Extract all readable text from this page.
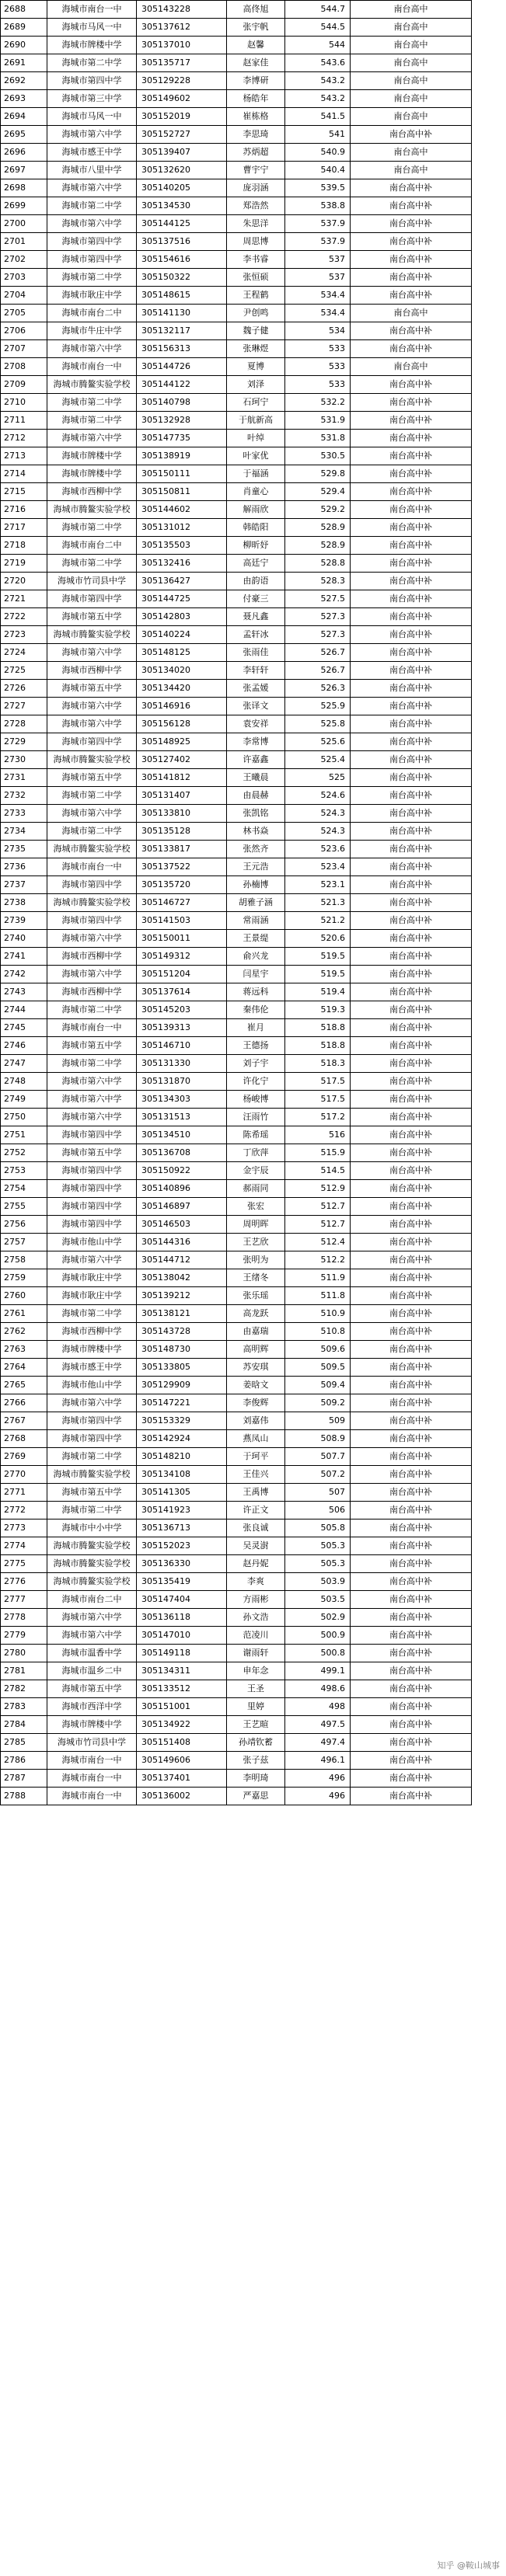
2688	海城市南台一中	305143228	高佟旭	544.7	南台高中
2689	海城市马风一中	305137612	张宇帆	544.5	南台高中
2690	海城市牌楼中学	305137010	赵馨	544	南台高中
2691	海城市第二中学	305135717	赵家佳	543.6	南台高中
2692	海城市第四中学	305129228	李博研	543.2	南台高中
2693	海城市第三中学	305149602	杨皓年	543.2	南台高中
2694	海城市马风一中	305152019	崔栋格	541.5	南台高中
2695	海城市第六中学	305152727	李思琦	541	南台高中补
2696	海城市感王中学	305139407	苏炳超	540.9	南台高中
2697	海城市八里中学	305132620	曹宇宁	540.4	南台高中
2698	海城市第六中学	305140205	庞羽涵	539.5	南台高中补
2699	海城市第二中学	305134530	郑浩然	538.8	南台高中补
2700	海城市第六中学	305144125	朱思洋	537.9	南台高中补
2701	海城市第四中学	305137516	周思博	537.9	南台高中补
2702	海城市第四中学	305154616	李书睿	537	南台高中补
2703	海城市第二中学	305150322	张恒硕	537	南台高中补
2704	海城市耿庄中学	305148615	王程鹤	534.4	南台高中补
2705	海城市南台二中	305141130	尹创鸣	534.4	南台高中
2706	海城市牛庄中学	305132117	魏子健	534	南台高中补
2707	海城市第六中学	305156313	张琳煜	533	南台高中补
2708	海城市南台一中	305144726	夏博	533	南台高中
2709	海城市腾鳌实验学校	305144122	刘泽	533	南台高中补
2710	海城市第二中学	305140798	石珂宁	532.2	南台高中补
2711	海城市第二中学	305132928	于航新高	531.9	南台高中补
2712	海城市第六中学	305147735	叶绰	531.8	南台高中补
2713	海城市牌楼中学	305138919	叶家优	530.5	南台高中补
2714	海城市牌楼中学	305150111	于福涵	529.8	南台高中补
2715	海城市西柳中学	305150811	肖童心	529.4	南台高中补
2716	海城市腾鳌实验学校	305144602	解雨欣	529.2	南台高中补
2717	海城市第二中学	305131012	韩皓阳	528.9	南台高中补
2718	海城市南台二中	305135503	柳昕妤	528.9	南台高中补
2719	海城市第二中学	305132416	高廷宁	528.8	南台高中补
2720	海城市竹司县中学	305136427	由韵语	528.3	南台高中补
2721	海城市第四中学	305144725	付豪三	527.5	南台高中补
2722	海城市第五中学	305142803	聂凡鑫	527.3	南台高中补
2723	海城市腾鳌实验学校	305140224	孟轩冰	527.3	南台高中补
2724	海城市第六中学	305148125	张雨佳	526.7	南台高中补
2725	海城市西柳中学	305134020	李轩轩	526.7	南台高中补
2726	海城市第五中学	305134420	张孟媛	526.3	南台高中补
2727	海城市第六中学	305146916	张译文	525.9	南台高中补
2728	海城市第六中学	305156128	袁安祥	525.8	南台高中补
2729	海城市第四中学	305148925	李常博	525.6	南台高中补
2730	海城市腾鳌实验学校	305127402	许嘉鑫	525.4	南台高中补
2731	海城市第五中学	305141812	王曦晨	525	南台高中补
2732	海城市第二中学	305131407	由晨赫	524.6	南台高中补
2733	海城市第六中学	305133810	张凯铭	524.3	南台高中补
2734	海城市第二中学	305135128	林书焱	524.3	南台高中补
2735	海城市腾鳌实验学校	305133817	张然齐	523.6	南台高中补
2736	海城市南台一中	305137522	王元浩	523.4	南台高中补
2737	海城市第四中学	305135720	孙楠博	523.1	南台高中补
2738	海城市腾鳌实验学校	305146727	胡雅子涵	521.3	南台高中补
2739	海城市第四中学	305141503	常雨涵	521.2	南台高中补
2740	海城市第六中学	305150011	王景缇	520.6	南台高中补
2741	海城市西柳中学	305149312	俞兴龙	519.5	南台高中补
2742	海城市第六中学	305151204	闫星宇	519.5	南台高中补
2743	海城市西柳中学	305137614	蒋远科	519.4	南台高中补
2744	海城市第二中学	305145203	秦伟伦	519.3	南台高中补
2745	海城市南台一中	305139313	崔月	518.8	南台高中补
2746	海城市第五中学	305146710	王德扬	518.8	南台高中补
2747	海城市第二中学	305131330	刘子宇	518.3	南台高中补
2748	海城市第六中学	305131870	许化宁	517.5	南台高中补
2749	海城市第六中学	305134303	杨峻博	517.5	南台高中补
2750	海城市第六中学	305131513	汪雨竹	517.2	南台高中补
2751	海城市第四中学	305134510	陈希瑶	516	南台高中补
2752	海城市第五中学	305136708	丁欣萍	515.9	南台高中补
2753	海城市第四中学	305150922	金宇辰	514.5	南台高中补
2754	海城市第四中学	305140896	郝雨同	512.9	南台高中补
2755	海城市第四中学	305146897	张宏	512.7	南台高中补
2756	海城市第四中学	305146503	周明晖	512.7	南台高中补
2757	海城市他山中学	305144316	王艺欣	512.4	南台高中补
2758	海城市第六中学	305144712	张明为	512.2	南台高中补
2759	海城市耿庄中学	305138042	王绪冬	511.9	南台高中补
2760	海城市耿庄中学	305139212	张乐瑶	511.8	南台高中补
2761	海城市第二中学	305138121	高龙跃	510.9	南台高中补
2762	海城市西柳中学	305143728	由嘉瑞	510.8	南台高中补
2763	海城市牌楼中学	305148730	高明辉	509.6	南台高中补
2764	海城市感王中学	305133805	苏安琪	509.5	南台高中补
2765	海城市他山中学	305129909	姜晗文	509.4	南台高中补
2766	海城市第六中学	305147221	李俊辉	509.2	南台高中补
2767	海城市第四中学	305153329	刘嘉伟	509	南台高中补
2768	海城市第四中学	305142924	燕凤山	508.9	南台高中补
2769	海城市第二中学	305148210	于珂平	507.7	南台高中补
2770	海城市腾鳌实验学校	305134108	王佳兴	507.2	南台高中补
2771	海城市第五中学	305141305	王禹博	507	南台高中补
2772	海城市第二中学	305141923	许正文	506	南台高中补
2773	海城市中小中学	305136713	张良诚	505.8	南台高中补
2774	海城市腾鳌实验学校	305152023	吴灵澍	505.3	南台高中补
2775	海城市腾鳌实验学校	305136330	赵丹妮	505.3	南台高中补
2776	海城市腾鳌实验学校	305135419	李爽	503.9	南台高中补
2777	海城市南台二中	305147404	方雨彬	503.5	南台高中补
2778	海城市第六中学	305136118	孙文浩	502.9	南台高中补
2779	海城市第六中学	305147010	范凌川	500.9	南台高中补
2780	海城市温香中学	305149118	谢雨轩	500.8	南台高中补
2781	海城市温乡二中	305134311	申年念	499.1	南台高中补
2782	海城市第五中学	305133512	王圣	498.6	南台高中补
2783	海城市西洋中学	305151001	里婷	498	南台高中补
2784	海城市牌楼中学	305134922	王艺暄	497.5	南台高中补
2785	海城市竹司县中学	305151408	孙靖钦蓄	497.4	南台高中补
2786	海城市南台一中	305149606	张子兹	496.1	南台高中补
2787	海城市南台一中	305137401	李明琦	496	南台高中补
2788	海城市南台一中	305136002	严嘉思	496	南台高中补
知乎 @鞍山城事
